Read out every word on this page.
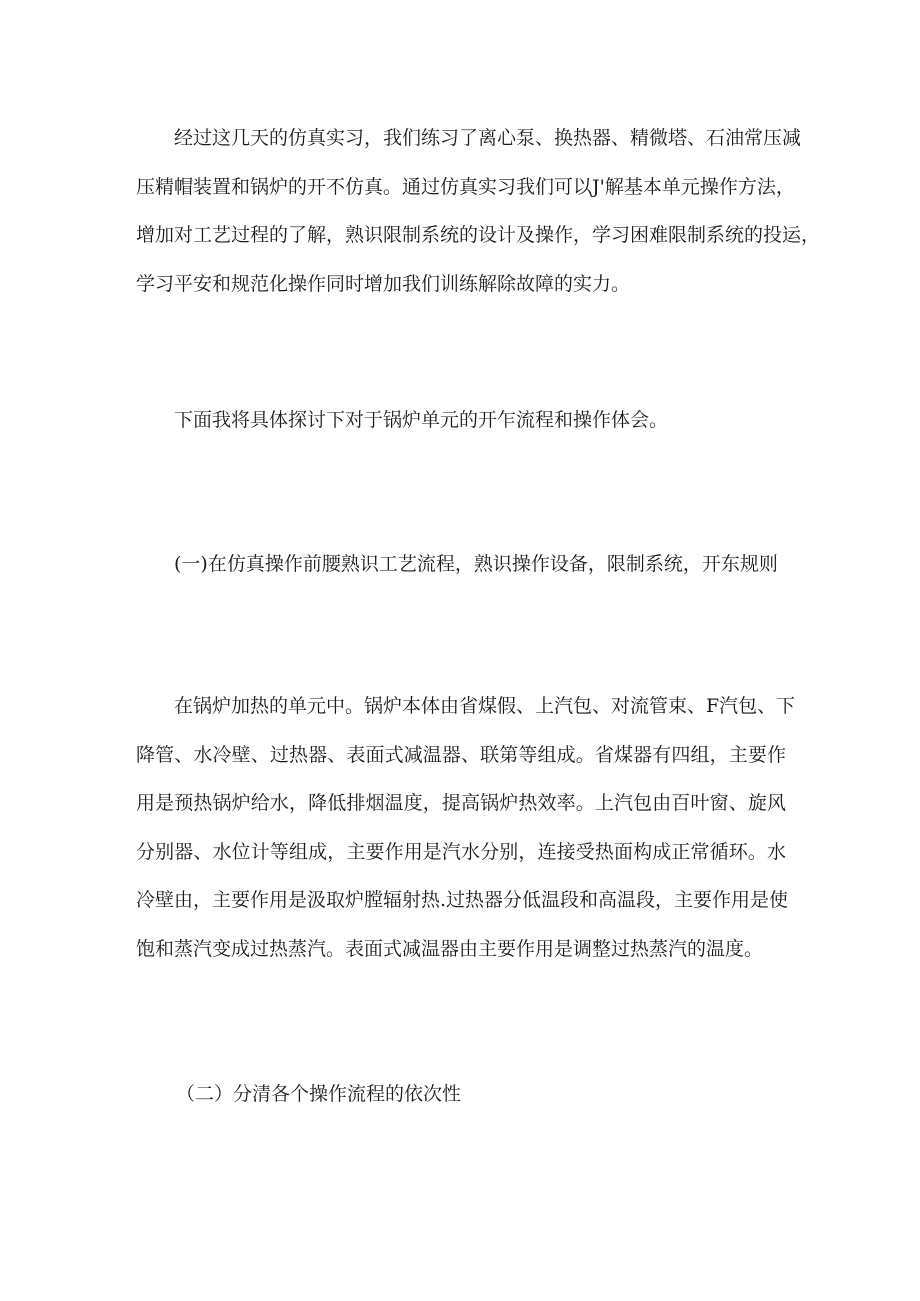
经过这几天的仿真实习，我们练习了离心泵、换热器、精微塔、石油常压减
压精帽装置和锅炉的开不仿真。通过仿真实习我们可以J'解基本单元操作方法，
增加对工艺过程的了解，熟识限制系统的设计及操作，学习困难限制系统的投运，
学习平安和规范化操作同时增加我们训练解除故障的实力。
下面我将具体探讨下对于锅炉单元的开乍流程和操作体会。
(一)在仿真操作前腰熟识工艺流程，熟识操作设备，限制系统，开东规则
在锅炉加热的单元中。锅炉本体由省煤假、上汽包、对流管束、F汽包、下
降管、水冷壁、过热器、表面式减温器、联第等组成。省煤器有四组，主要作
用是预热锅炉给水，降低排烟温度，提高锅炉热效率。上汽包由百叶窗、旋风
分别器、水位计等组成，主要作用是汽水分别，连接受热面构成正常循环。水
冷壁由，主要作用是汲取炉膛辐射热.过热器分低温段和高温段，主要作用是使
饱和蒸汽变成过热蒸汽。表面式减温器由主要作用是调整过热蒸汽的温度。
（二）分清各个操作流程的依次性
